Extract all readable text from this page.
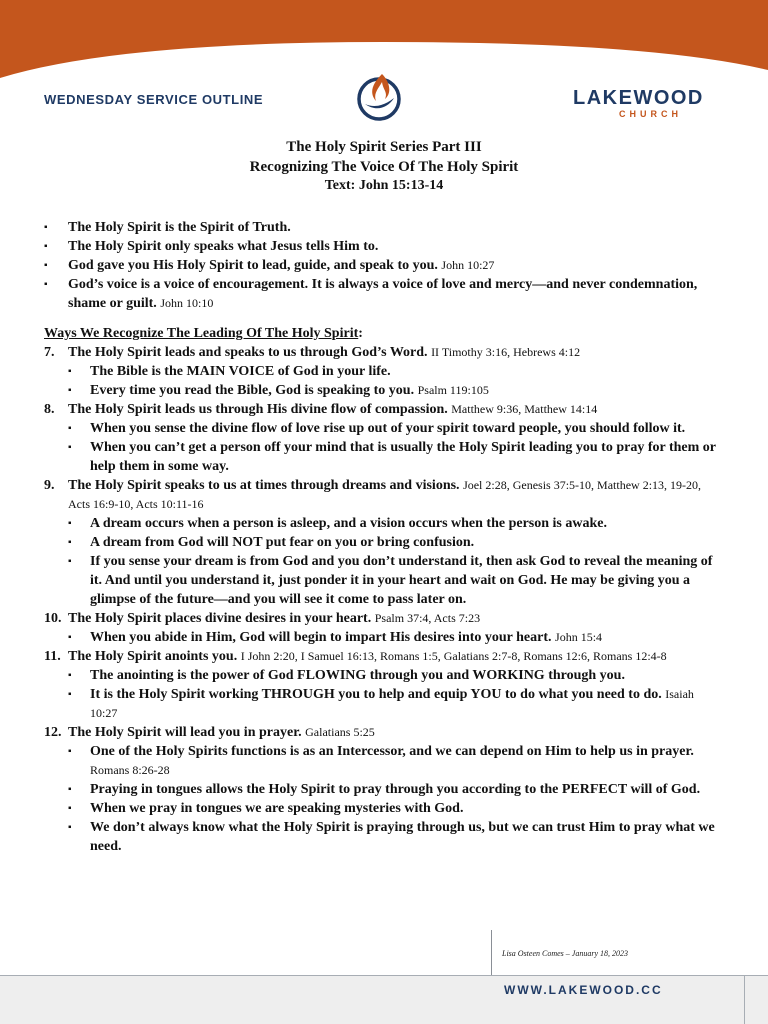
WEDNESDAY SERVICE OUTLINE	LAKEWOOD
CHURCH
The Holy Spirit Series Part III
Recognizing The Voice Of The Holy Spirit
Text: John 15:13-14
▪ The Holy Spirit is the Spirit of Truth.
▪ The Holy Spirit only speaks what Jesus tells Him to.
▪ God gave you His Holy Spirit to lead, guide, and speak to you. John 10:27
▪ God’s voice is a voice of encouragement. It is always a voice of love and mercy—and never condemnation, shame or guilt. John 10:10
Ways We Recognize The Leading Of The Holy Spirit:
7. The Holy Spirit leads and speaks to us through God’s Word. II Timothy 3:16, Hebrews 4:12
▪ The Bible is the MAIN VOICE of God in your life.
▪ Every time you read the Bible, God is speaking to you. Psalm 119:105
8. The Holy Spirit leads us through His divine flow of compassion. Matthew 9:36, Matthew 14:14
▪ When you sense the divine flow of love rise up out of your spirit toward people, you should follow it.
▪ When you can’t get a person off your mind that is usually the Holy Spirit leading you to pray for them or help them in some way.
9. The Holy Spirit speaks to us at times through dreams and visions. Joel 2:28, Genesis 37:5-10, Matthew 2:13, 19-20, Acts 16:9-10, Acts 10:11-16
▪ A dream occurs when a person is asleep, and a vision occurs when the person is awake.
▪ A dream from God will NOT put fear on you or bring confusion.
▪ If you sense your dream is from God and you don’t understand it, then ask God to reveal the meaning of it. And until you understand it, just ponder it in your heart and wait on God. He may be giving you a glimpse of the future—and you will see it come to pass later on.
10. The Holy Spirit places divine desires in your heart. Psalm 37:4, Acts 7:23
▪ When you abide in Him, God will begin to impart His desires into your heart. John 15:4
11. The Holy Spirit anoints you. I John 2:20, I Samuel 16:13, Romans 1:5, Galatians 2:7-8, Romans 12:6, Romans 12:4-8
▪ The anointing is the power of God FLOWING through you and WORKING through you.
▪ It is the Holy Spirit working THROUGH you to help and equip YOU to do what you need to do. Isaiah 10:27
12. The Holy Spirit will lead you in prayer. Galatians 5:25
▪ One of the Holy Spirits functions is as an Intercessor, and we can depend on Him to help us in prayer. Romans 8:26-28
▪ Praying in tongues allows the Holy Spirit to pray through you according to the PERFECT will of God.
▪ When we pray in tongues we are speaking mysteries with God.
▪ We don’t always know what the Holy Spirit is praying through us, but we can trust Him to pray what we need.
Lisa Osteen Comes – January 18, 2023
WWW.LAKEWOOD.CC
